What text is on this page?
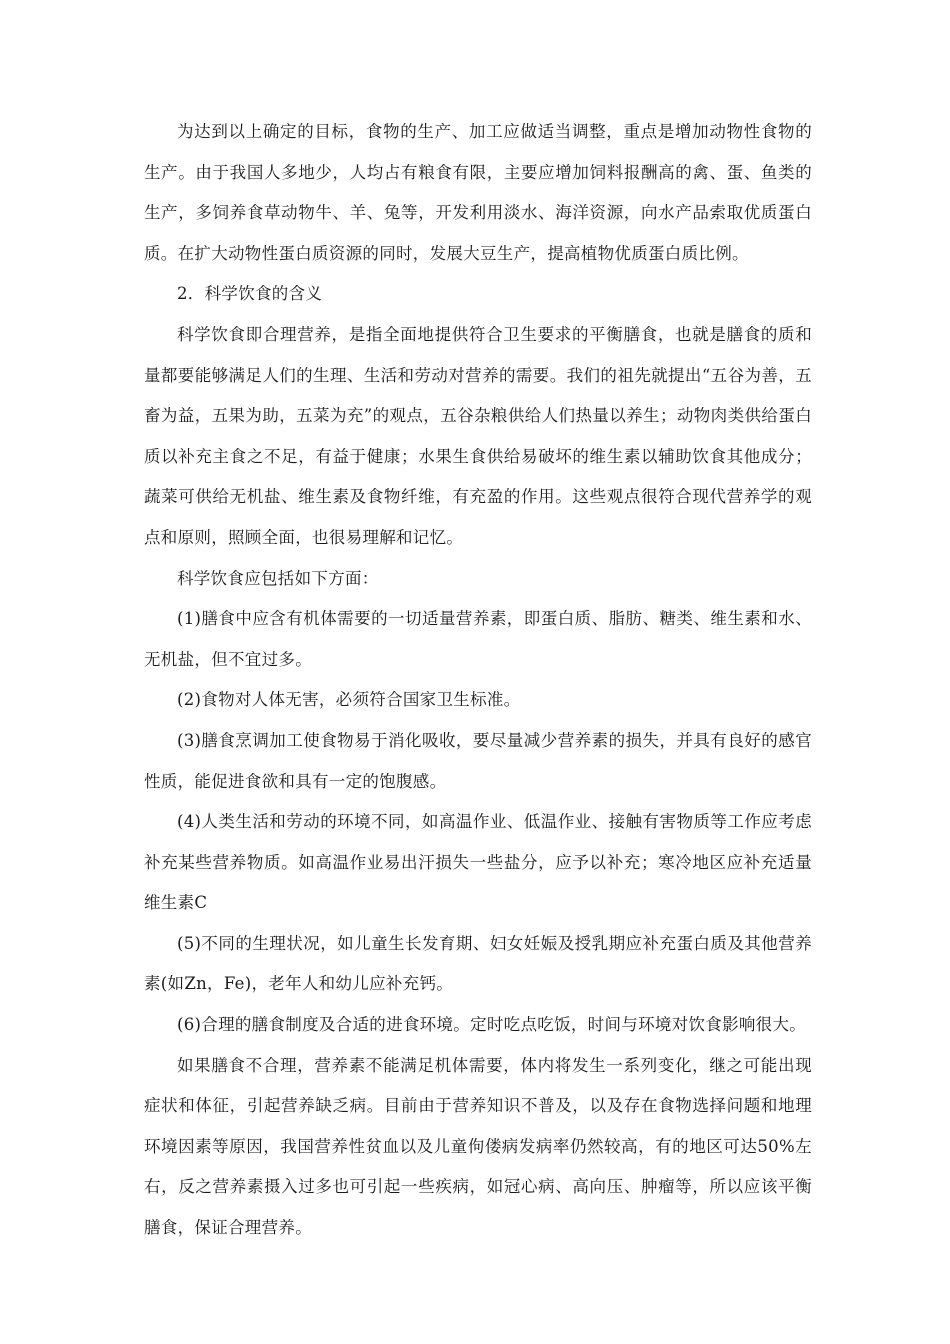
为达到以上确定的目标，食物的生产、加工应做适当调整，重点是增加动物性食物的生产。由于我国人多地少，人均占有粮食有限，主要应增加饲料报酬高的禽、蛋、鱼类的生产，多饲养食草动物牛、羊、兔等，开发利用淡水、海洋资源，向水产品索取优质蛋白质。在扩大动物性蛋白质资源的同时，发展大豆生产，提高植物优质蛋白质比例。

2．科学饮食的含义

科学饮食即合理营养，是指全面地提供符合卫生要求的平衡膳食，也就是膳食的质和量都要能够满足人们的生理、生活和劳动对营养的需要。我们的祖先就提出“五谷为善，五畜为益，五果为助，五菜为充”的观点，五谷杂粮供给人们热量以养生；动物肉类供给蛋白质以补充主食之不足，有益于健康；水果生食供给易破坏的维生素以辅助饮食其他成分；蔬菜可供给无机盐、维生素及食物纤维，有充盈的作用。这些观点很符合现代营养学的观点和原则，照顾全面，也很易理解和记忆。

科学饮食应包括如下方面：

(1)膳食中应含有机体需要的一切适量营养素，即蛋白质、脂肪、糖类、维生素和水、无机盐，但不宜过多。

(2)食物对人体无害，必须符合国家卫生标准。

(3)膳食烹调加工使食物易于消化吸收，要尽量减少营养素的损失，并具有良好的感官性质，能促进食欲和具有一定的饱腹感。

(4)人类生活和劳动的环境不同，如高温作业、低温作业、接触有害物质等工作应考虑补充某些营养物质。如高温作业易出汗损失一些盐分，应予以补充；寒冷地区应补充适量维生素C

(5)不同的生理状况，如儿童生长发育期、妇女妊娠及授乳期应补充蛋白质及其他营养素(如Zn，Fe)，老年人和幼儿应补充钙。

(6)合理的膳食制度及合适的进食环境。定时吃点吃饭，时间与环境对饮食影响很大。

如果膳食不合理，营养素不能满足机体需要，体内将发生一系列变化，继之可能出现症状和体征，引起营养缺乏病。目前由于营养知识不普及，以及存在食物选择问题和地理环境因素等原因，我国营养性贫血以及儿童佝偻病发病率仍然较高，有的地区可达50%左右，反之营养素摄入过多也可引起一些疾病，如冠心病、高向压、肿瘤等，所以应该平衡膳食，保证合理营养。
